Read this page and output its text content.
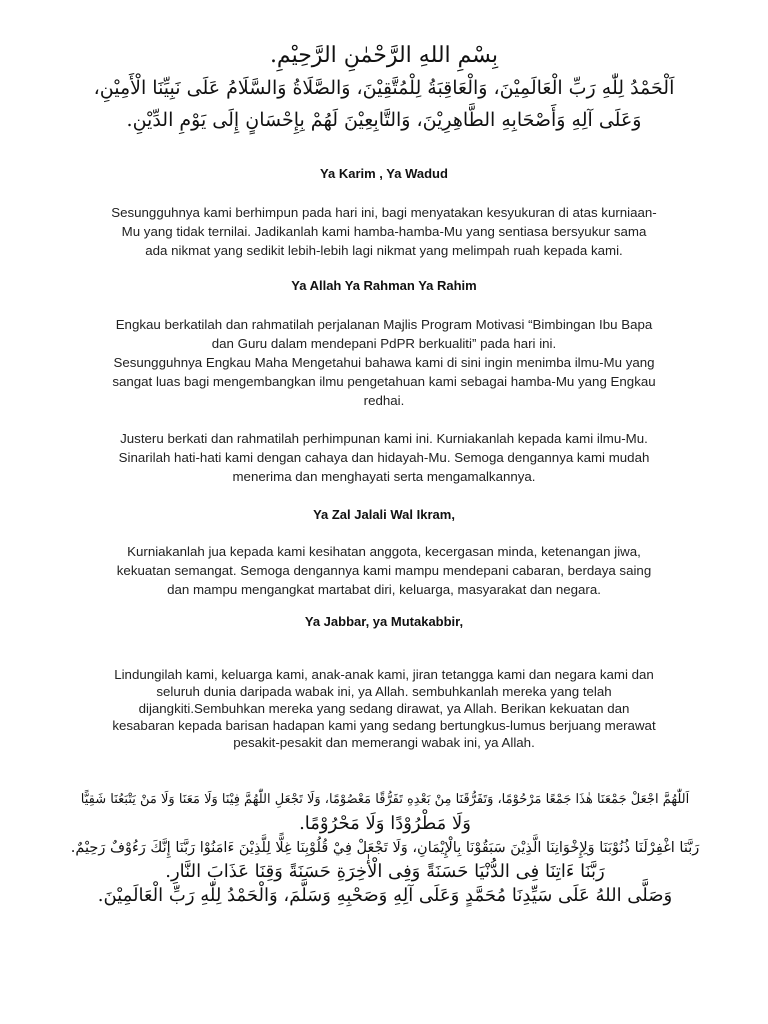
بِسْمِ اللهِ الرَّحْمٰنِ الرَّحِيْمِ.
اَلْحَمْدُ لِلّٰهِ رَبِّ الْعَالَمِيْنَ، وَالْعَاقِبَةُ لِلْمُتَّقِيْنَ، وَالصَّلَاةُ وَالسَّلَامُ عَلَى نَبِيِّنَا الْأَمِيْنِ،
وَعَلَى آلِهِ وَأَصْحَابِهِ الطَّاهِرِيْنَ، وَالتَّابِعِيْنَ لَهُمْ بِإِحْسَانٍ إِلَى يَوْمِ الدِّيْنِ.
Ya Karim , Ya Wadud
Sesungguhnya kami berhimpun pada hari ini, bagi menyatakan kesyukuran di atas kurniaan-
Mu yang tidak ternilai. Jadikanlah kami hamba-hamba-Mu yang sentiasa bersyukur sama
ada nikmat yang sedikit lebih-lebih lagi nikmat yang melimpah ruah kepada kami.
Ya Allah Ya Rahman Ya Rahim
Engkau berkatilah dan rahmatilah perjalanan Majlis Program Motivasi “Bimbingan Ibu Bapa
dan Guru dalam mendepani PdPR berkualiti” pada hari ini.
Sesungguhnya Engkau Maha Mengetahui bahawa kami di sini ingin menimba ilmu-Mu yang
sangat luas bagi mengembangkan ilmu pengetahuan kami sebagai hamba-Mu yang Engkau
redhai.
Justeru berkati dan rahmatilah perhimpunan kami ini. Kurniakanlah kepada kami ilmu-Mu.
Sinarilah hati-hati kami dengan cahaya dan hidayah-Mu. Semoga dengannya kami mudah
menerima dan menghayati serta mengamalkannya.
Ya Zal Jalali Wal Ikram,
Kurniakanlah jua kepada kami kesihatan anggota, kecergasan minda, ketenangan jiwa,
kekuatan semangat. Semoga dengannya kami mampu mendepani cabaran, berdaya saing
dan mampu mengangkat martabat diri, keluarga, masyarakat dan negara.
Ya Jabbar, ya Mutakabbir,
Lindungilah kami, keluarga kami, anak-anak kami, jiran tetangga kami dan negara kami dan
seluruh dunia daripada wabak ini, ya Allah. sembuhkanlah mereka yang telah
dijangkiti.Sembuhkan mereka yang sedang dirawat, ya Allah. Berikan kekuatan dan
kesabaran kepada barisan hadapan kami yang sedang bertungkus-lumus berjuang merawat
pesakit-pesakit dan memerangi wabak ini, ya Allah.
اَللّٰهُمَّ اجْعَلْ جَمْعَنَا هٰذَا جَمْعًا مَرْحُوْمًا، وَتَفَرُّقَنَا مِنْ بَعْدِهِ تَفَرُّقًا مَعْصُوْمًا، وَلَا تَجْعَلِ اللّٰهُمَّ فِيْنَا وَلَا مَعَنَا وَلَا مَنْ يَتْبَعُنَا شَقِيًّا
وَلَا مَطْرُوْدًا وَلَا مَحْرُوْمًا.
رَبَّنَا اغْفِرْلَنَا ذُنُوْبَنَا وَلِإِخْوَانِنَا الَّذِيْنَ سَبَقُوْنَا بِالْإِيْمَانِ، وَلَا تَجْعَلْ فِيْ قُلُوْبِنَا غِلًّا لِلَّذِيْنَ ءَامَنُوْا رَبَّنَا إِنَّكَ رَءُوْفٌ رَحِيْمٌ.
رَبَّنَا ءَاتِنَا فِى الدُّنْيَا حَسَنَةً وَفِى الْأٰخِرَةِ حَسَنَةً وَقِنَا عَذَابَ النَّارِ.
وَصَلَّى اللهُ عَلَى سَيِّدِنَا مُحَمَّدٍ وَعَلَى آلِهِ وَصَحْبِهِ وَسَلَّمَ، وَالْحَمْدُ لِلّٰهِ رَبِّ الْعَالَمِيْنَ.
